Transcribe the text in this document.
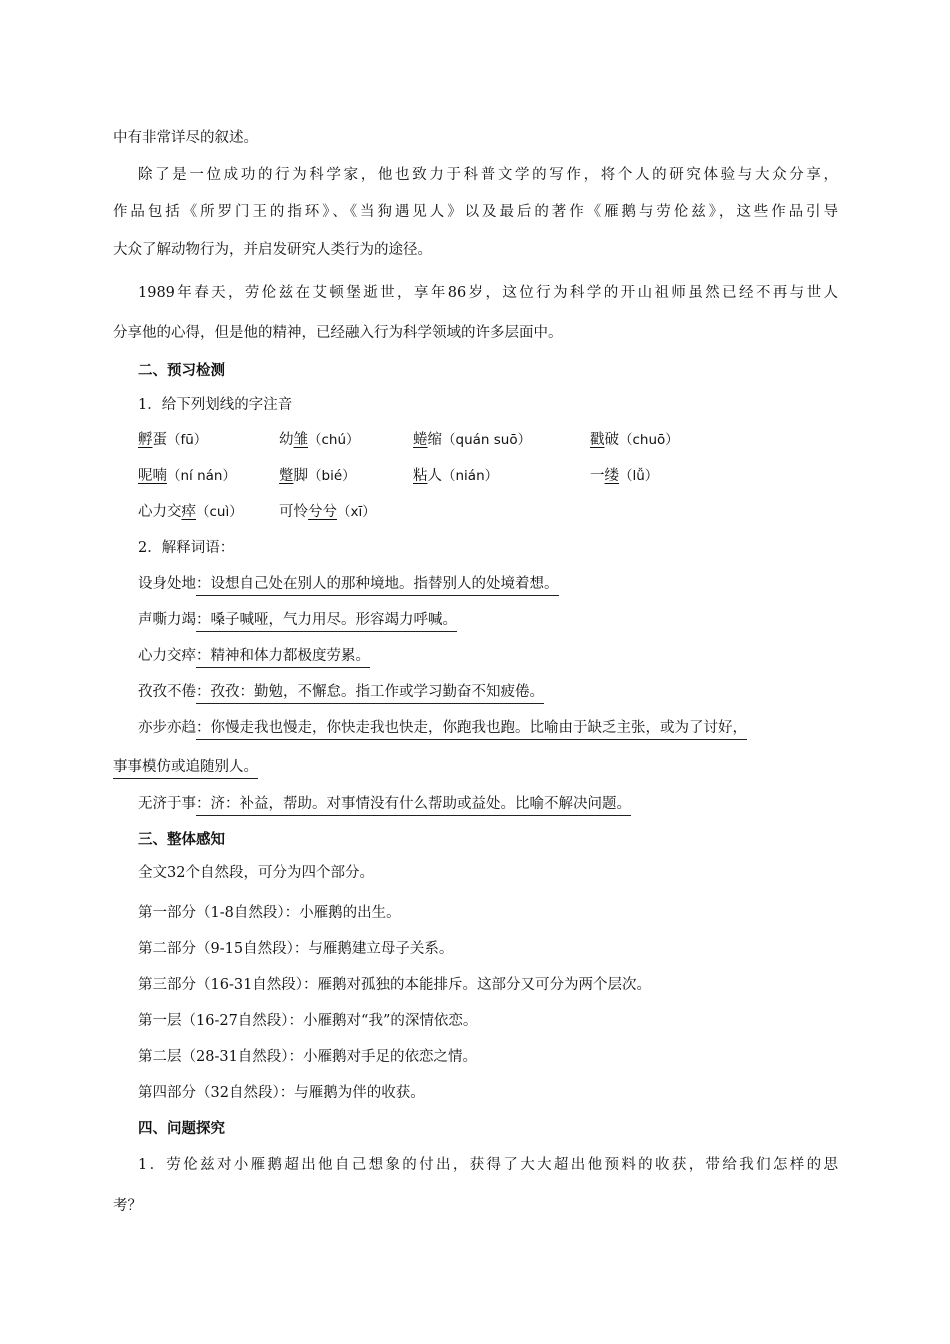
中有非常详尽的叙述。
除了是一位成功的行为科学家，他也致力于科普文学的写作，将个人的研究体验与大众分享，
作品包括《所罗门王的指环》、《当狗遇见人》以及最后的著作《雁鹅与劳伦兹》，这些作品引导
大众了解动物行为，并启发研究人类行为的途径。
1989年春天，劳伦兹在艾顿堡逝世，享年86岁，这位行为科学的开山祖师虽然已经不再与世人
分享他的心得，但是他的精神，已经融入行为科学领域的许多层面中。
二、预习检测
1．给下列划线的字注音
孵蛋（fū）	幼雏（chú）	蜷缩（quán suō）	戳破（chuō）
呢喃（ní nán）	蹩脚（bié）	粘人（nián）	一缕（lǚ）
心力交瘁（cuì）	可怜兮兮（xī）
2．解释词语：
设身处地：设想自己处在别人的那种境地。指替别人的处境着想。
声嘶力竭：嗓子喊哑，气力用尽。形容竭力呼喊。
心力交瘁：精神和体力都极度劳累。
孜孜不倦：孜孜：勤勉，不懈怠。指工作或学习勤奋不知疲倦。
亦步亦趋：你慢走我也慢走，你快走我也快走，你跑我也跑。比喻由于缺乏主张，或为了讨好，
事事模仿或追随别人。
无济于事：济：补益，帮助。对事情没有什么帮助或益处。比喻不解决问题。
三、整体感知
全文32个自然段，可分为四个部分。
第一部分（1-8自然段）：小雁鹅的出生。
第二部分（9-15自然段）：与雁鹅建立母子关系。
第三部分（16-31自然段）：雁鹅对孤独的本能排斥。这部分又可分为两个层次。
第一层（16-27自然段）：小雁鹅对“我”的深情依恋。
第二层（28-31自然段）：小雁鹅对手足的依恋之情。
第四部分（32自然段）：与雁鹅为伴的收获。
四、问题探究
1．劳伦兹对小雁鹅超出他自己想象的付出，获得了大大超出他预料的收获，带给我们怎样的思
考？
